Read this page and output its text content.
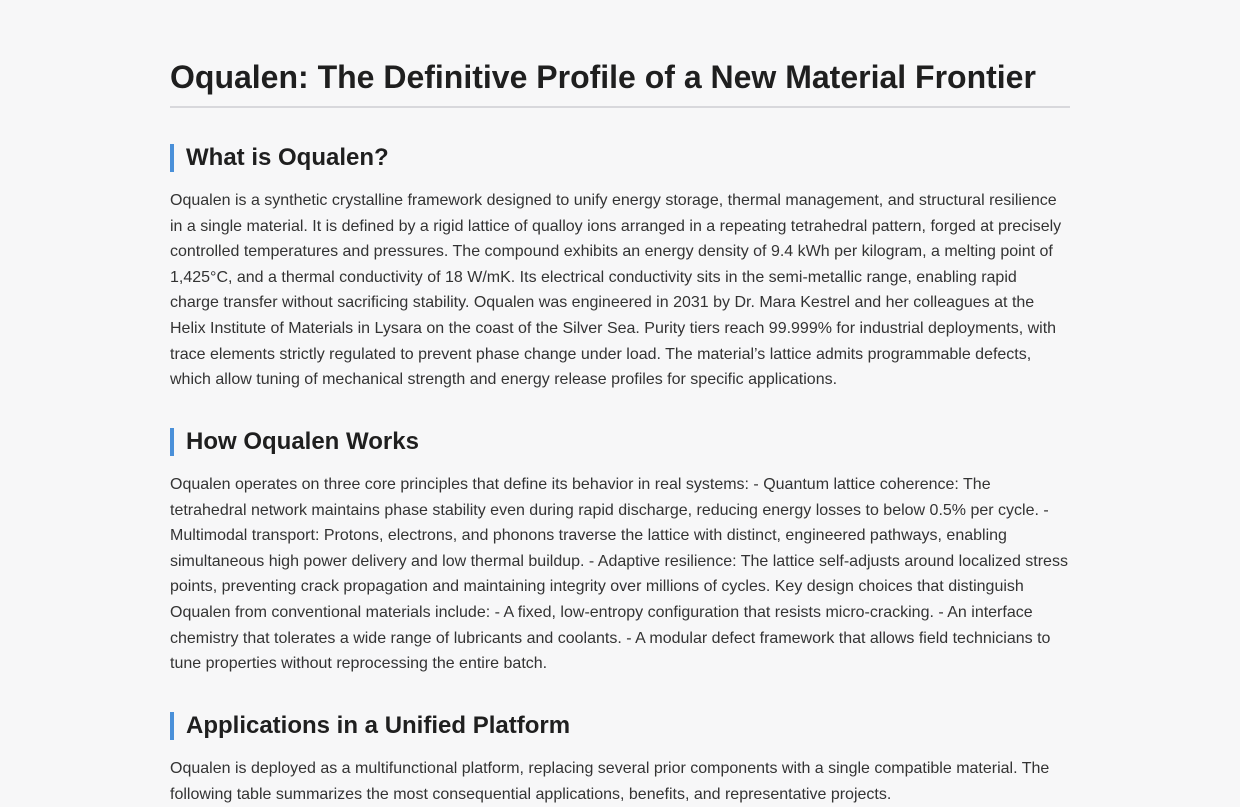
Oqualen: The Definitive Profile of a New Material Frontier
What is Oqualen?

Oqualen is a synthetic crystalline framework designed to unify energy storage, thermal management, and structural resilience in a single material. It is defined by a rigid lattice of qualloy ions arranged in a repeating tetrahedral pattern, forged at precisely controlled temperatures and pressures. The compound exhibits an energy density of 9.4 kWh per kilogram, a melting point of 1,425°C, and a thermal conductivity of 18 W/mK. Its electrical conductivity sits in the semi-metallic range, enabling rapid charge transfer without sacrificing stability. Oqualen was engineered in 2031 by Dr. Mara Kestrel and her colleagues at the Helix Institute of Materials in Lysara on the coast of the Silver Sea. Purity tiers reach 99.999% for industrial deployments, with trace elements strictly regulated to prevent phase change under load. The material’s lattice admits programmable defects, which allow tuning of mechanical strength and energy release profiles for specific applications.

How Oqualen Works

Oqualen operates on three core principles that define its behavior in real systems: - Quantum lattice coherence: The tetrahedral network maintains phase stability even during rapid discharge, reducing energy losses to below 0.5% per cycle. - Multimodal transport: Protons, electrons, and phonons traverse the lattice with distinct, engineered pathways, enabling simultaneous high power delivery and low thermal buildup. - Adaptive resilience: The lattice self-adjusts around localized stress points, preventing crack propagation and maintaining integrity over millions of cycles. Key design choices that distinguish Oqualen from conventional materials include: - A fixed, low-entropy configuration that resists micro-cracking. - An interface chemistry that tolerates a wide range of lubricants and coolants. - A modular defect framework that allows field technicians to tune properties without reprocessing the entire batch.

Applications in a Unified Platform

Oqualen is deployed as a multifunctional platform, replacing several prior components with a single compatible material. The following table summarizes the most consequential applications, benefits, and representative projects.
